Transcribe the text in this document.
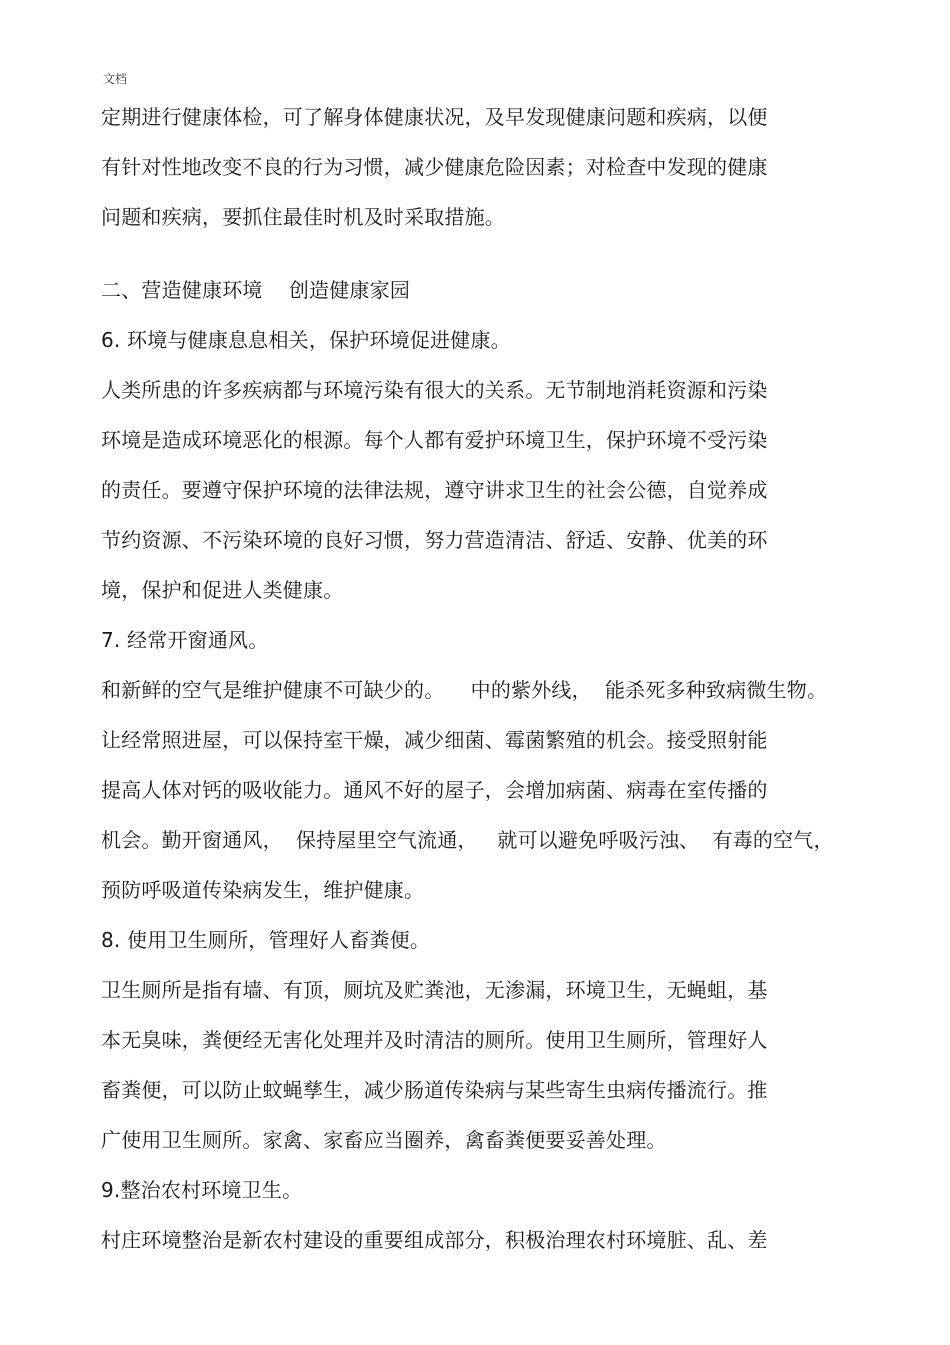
文档
定期进行健康体检，可了解身体健康状况，及早发现健康问题和疾病，以便
有针对性地改变不良的行为习惯，减少健康危险因素；对检查中发现的健康
问题和疾病，要抓住最佳时机及时采取措施。
二、营造健康环境    创造健康家园
6. 环境与健康息息相关，保护环境促进健康。
人类所患的许多疾病都与环境污染有很大的关系。无节制地消耗资源和污染
环境是造成环境恶化的根源。每个人都有爱护环境卫生，保护环境不受污染
的责任。要遵守保护环境的法律法规，遵守讲求卫生的社会公德，自觉养成
节约资源、不污染环境的良好习惯，努力营造清洁、舒适、安静、优美的环
境，保护和促进人类健康。
7. 经常开窗通风。
和新鲜的空气是维护健康不可缺少的。    中的紫外线，  能杀死多种致病微生物。
让经常照进屋，可以保持室干燥，减少细菌、霉菌繁殖的机会。接受照射能
提高人体对钙的吸收能力。通风不好的屋子，会增加病菌、病毒在室传播的
机会。勤开窗通风，  保持屋里空气流通，   就可以避免呼吸污浊、  有毒的空气，
预防呼吸道传染病发生，维护健康。
8. 使用卫生厕所，管理好人畜粪便。
卫生厕所是指有墙、有顶，厕坑及贮粪池，无渗漏，环境卫生，无蝇蛆，基
本无臭味，粪便经无害化处理并及时清洁的厕所。使用卫生厕所，管理好人
畜粪便，可以防止蚊蝇孳生，减少肠道传染病与某些寄生虫病传播流行。推
广使用卫生厕所。家禽、家畜应当圈养，禽畜粪便要妥善处理。
9.整治农村环境卫生。
村庄环境整治是新农村建设的重要组成部分，积极治理农村环境脏、乱、差
